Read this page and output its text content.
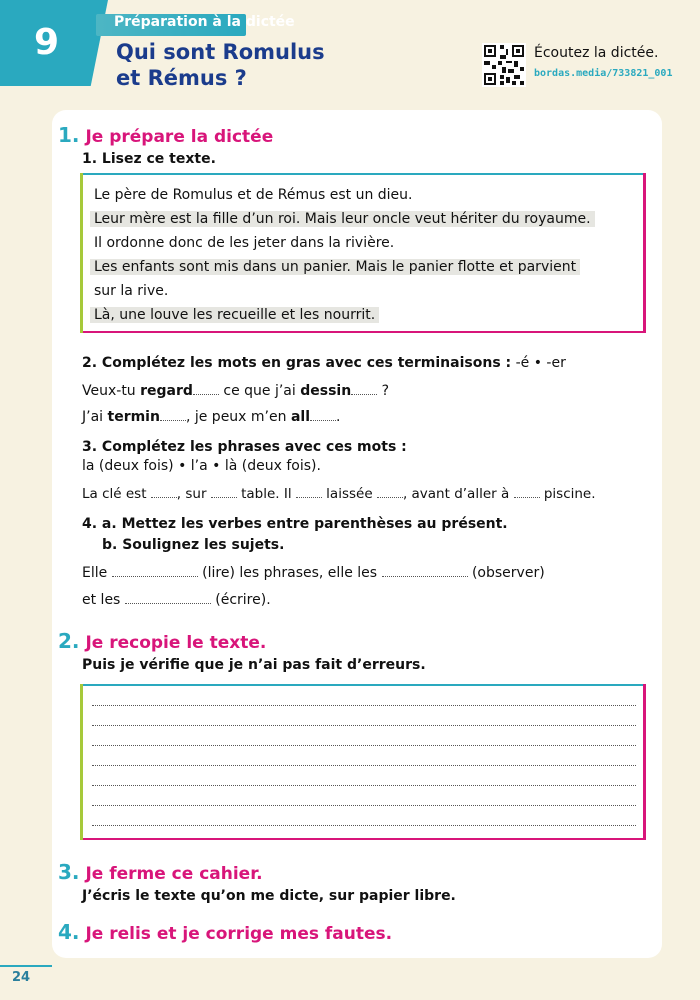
9	Préparation à la dictée
Qui sont Romulus
et Rémus ?
Écoutez la dictée.
bordas.media/733821_001
1. Je prépare la dictée
1. Lisez ce texte.
Le père de Romulus et de Rémus est un dieu.
Leur mère est la fille d’un roi. Mais leur oncle veut hériter du royaume.
Il ordonne donc de les jeter dans la rivière.
Les enfants sont mis dans un panier. Mais le panier flotte et parvient
sur la rive.
Là, une louve les recueille et les nourrit.
2. Complétez les mots en gras avec ces terminaisons : -é • -er
Veux-tu regard ce que j’ai dessin ?
J’ai termin , je peux m’en all .
3. Complétez les phrases avec ces mots :
la (deux fois) • l’a • là (deux fois).
La clé est , sur  table. Il  laissée , avant d’aller à  piscine.
4. a. Mettez les verbes entre parenthèses au présent.
b. Soulignez les sujets.
Elle	(lire) les phrases, elle les	(observer)
et les	(écrire).
2. Je recopie le texte.
Puis je vérifie que je n’ai pas fait d’erreurs.
3. Je ferme ce cahier.
J’écris le texte qu’on me dicte, sur papier libre.
4. Je relis et je corrige mes fautes.
24
